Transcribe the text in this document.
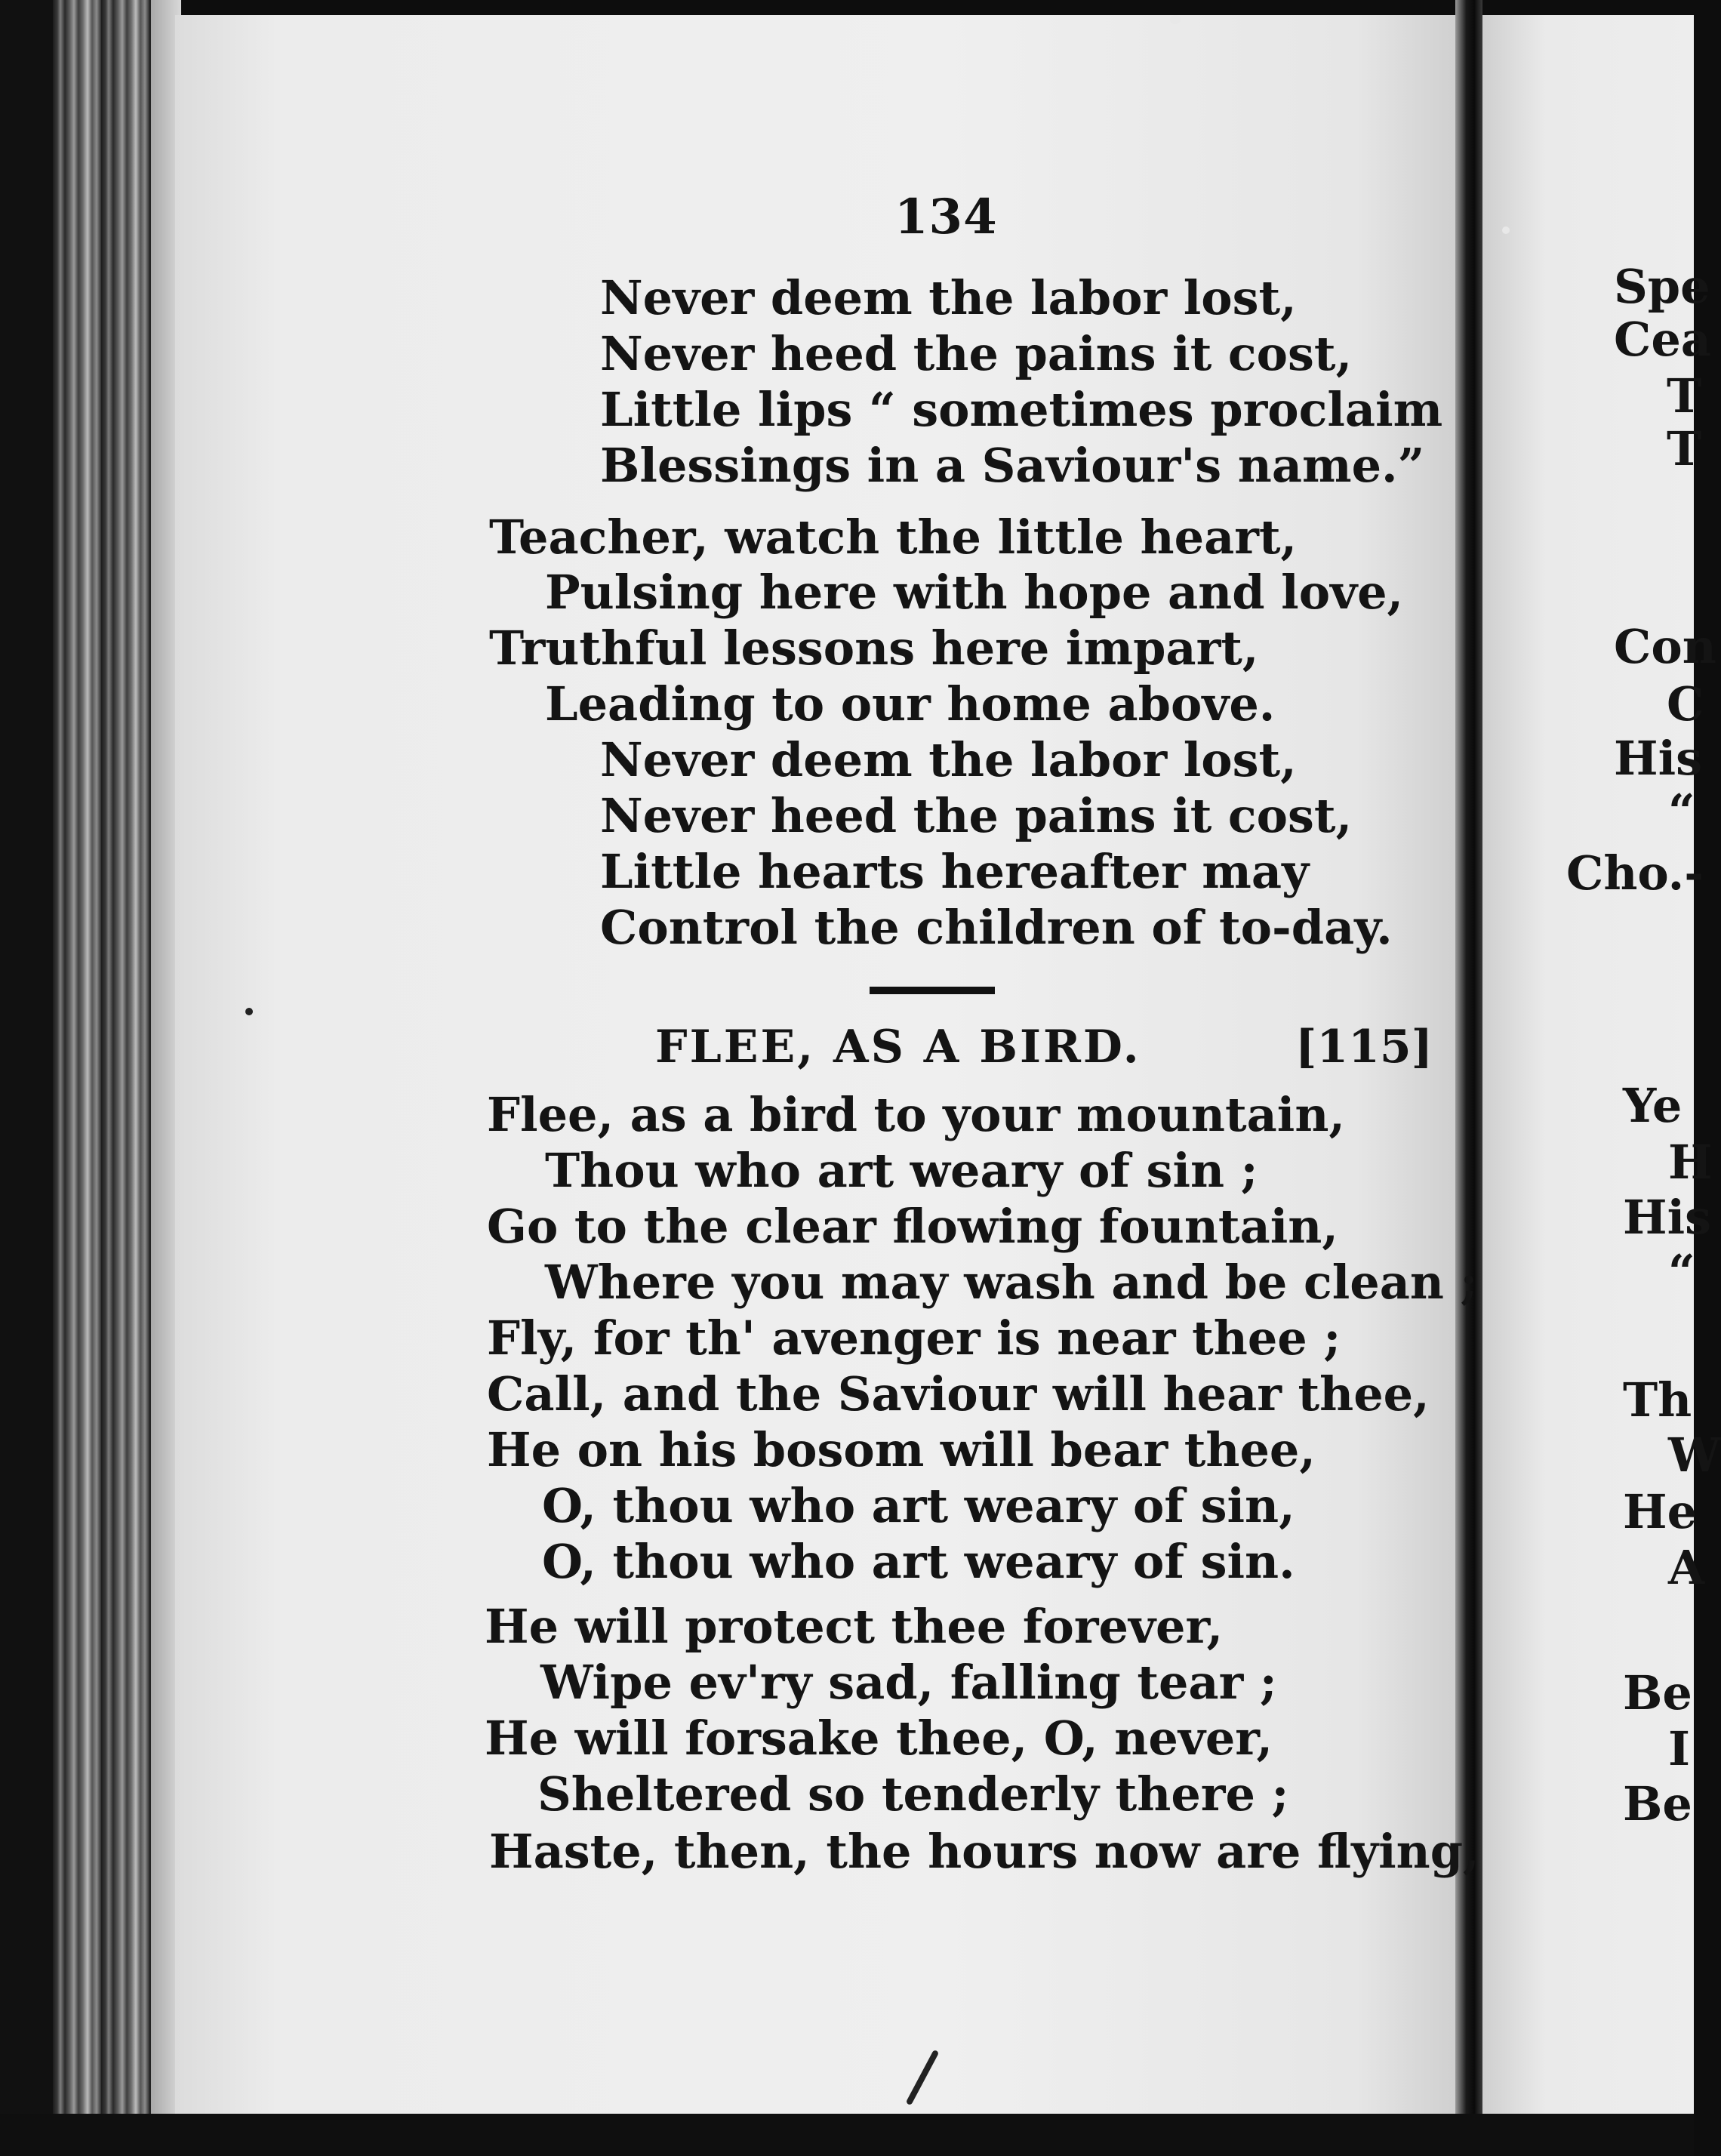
134
Never deem the labor lost,
Never heed the pains it cost,
Little lips “ sometimes proclaim
Blessings in a Saviour's name.”
Teacher, watch the little heart,
Pulsing here with hope and love,
Truthful lessons here impart,
Leading to our home above.
Never deem the labor lost,
Never heed the pains it cost,
Little hearts hereafter may
Control the children of to-day.
FLEE, AS A BIRD.	[115]
Flee, as a bird to your mountain,
Thou who art weary of sin ;
Go to the clear flowing fountain,
Where you may wash and be clean ;
Fly, for th' avenger is near thee ;
Call, and the Saviour will hear thee,
He on his bosom will bear thee,
O, thou who art weary of sin,
O, thou who art weary of sin.
He will protect thee forever,
Wipe ev'ry sad, falling tear ;
He will forsake thee, O, never,
Sheltered so tenderly there ;
Haste, then, the hours now are flying,
Spe
Cea
T
T
Con
C
His
“
Cho.-
Ye
H
His
“
Th
W
He
A
Be
I
Be
